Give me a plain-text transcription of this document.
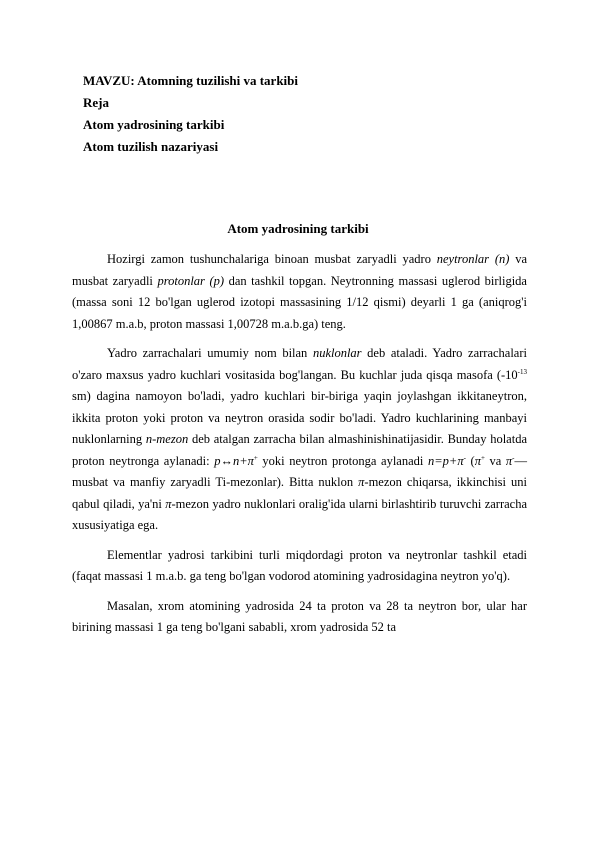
MAVZU: Atomning tuzilishi va tarkibi
Reja
Atom yadrosining tarkibi
Atom tuzilish nazariyasi
Atom yadrosining tarkibi

Hozirgi zamon tushunchalariga binoan musbat zaryadli yadro neytronlar (n) va musbat zaryadli protonlar (p) dan tashkil topgan. Neytronning massasi uglerod birligida (massa soni 12 bo'lgan uglerod izotopi massasining 1/12 qismi) deyarli 1 ga (aniqrog'i 1,00867 m.a.b, proton massasi 1,00728 m.a.b.ga) teng.

Yadro zarrachalari umumiy nom bilan nuklonlar deb ataladi. Yadro zarrachalari o'zaro maxsus yadro kuchlari vositasida bog'langan. Bu kuchlar juda qisqa masofa ($-10^{-13}$ sm) dagina namoyon bo'ladi, yadro kuchlari bir-biriga yaqin joylashgan ikkitaneytron, ikkita proton yoki proton va neytron orasida sodir bo'ladi. Yadro kuchlarining manbayi nuklonlarning n-mezon deb atalgan zarracha bilan almashinishinatijasidir. Bunday holatda proton neytronga aylanadi: p↔n+π+ yoki neytron protonga aylanadi n=p+π- (π+ va π-— musbat va manfiy zaryadli Ti-mezonlar). Bitta nuklon π-mezon chiqarsa, ikkinchisi uni qabul qiladi, ya'ni π-mezon yadro nuklonlari oralig'ida ularni birlashtirib turuvchi zarracha xususiyatiga ega.

Elementlar yadrosi tarkibini turli miqdordagi proton va neytronlar tashkil etadi (faqat massasi 1 m.a.b. ga teng bo'lgan vodorod atomining yadrosidagina neytron yo'q).

Masalan, xrom atomining yadrosida 24 ta proton va 28 ta neytron bor, ular har birining massasi 1 ga teng bo'lgani sababli, xrom yadrosida 52 ta
